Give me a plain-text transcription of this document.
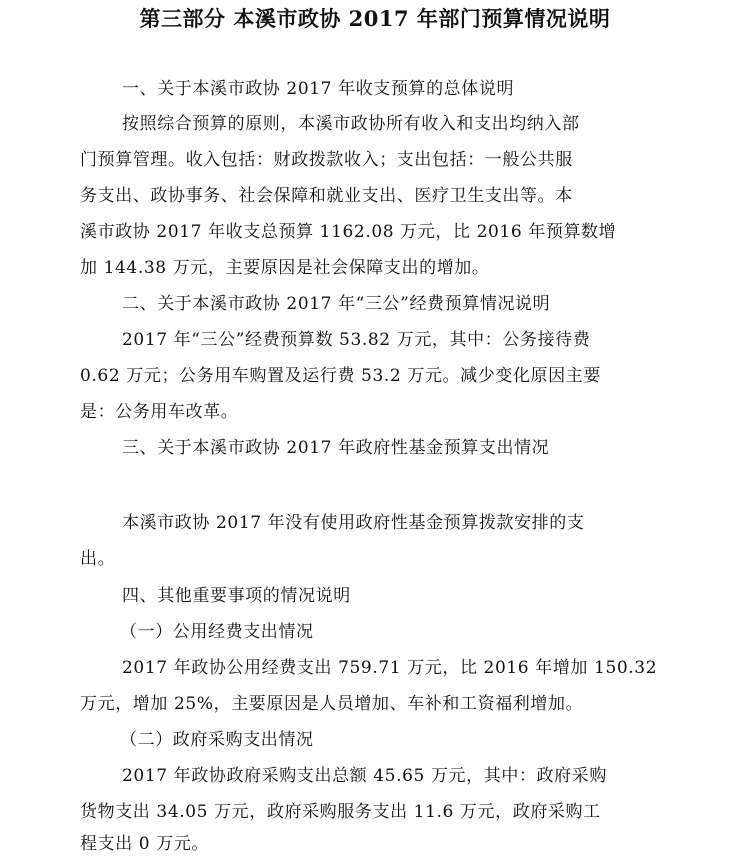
第三部分 本溪市政协 2017 年部门预算情况说明
一、关于本溪市政协 2017 年收支预算的总体说明
按照综合预算的原则，本溪市政协所有收入和支出均纳入部
门预算管理。收入包括：财政拨款收入；支出包括：一般公共服
务支出、政协事务、社会保障和就业支出、医疗卫生支出等。本
溪市政协 2017 年收支总预算 1162.08 万元，比 2016 年预算数增
加 144.38 万元，主要原因是社会保障支出的增加。
二、关于本溪市政协 2017 年“三公”经费预算情况说明
2017 年“三公”经费预算数 53.82 万元，其中：公务接待费
0.62 万元；公务用车购置及运行费 53.2 万元。减少变化原因主要
是：公务用车改革。
三、关于本溪市政协 2017 年政府性基金预算支出情况
本溪市政协 2017 年没有使用政府性基金预算拨款安排的支
出。
四、其他重要事项的情况说明
（一）公用经费支出情况
2017 年政协公用经费支出 759.71 万元，比 2016 年增加 150.32
万元，增加 25%，主要原因是人员增加、车补和工资福利增加。
（二）政府采购支出情况
2017 年政协政府采购支出总额 45.65 万元，其中：政府采购
货物支出 34.05 万元，政府采购服务支出 11.6 万元，政府采购工
程支出 0 万元。
